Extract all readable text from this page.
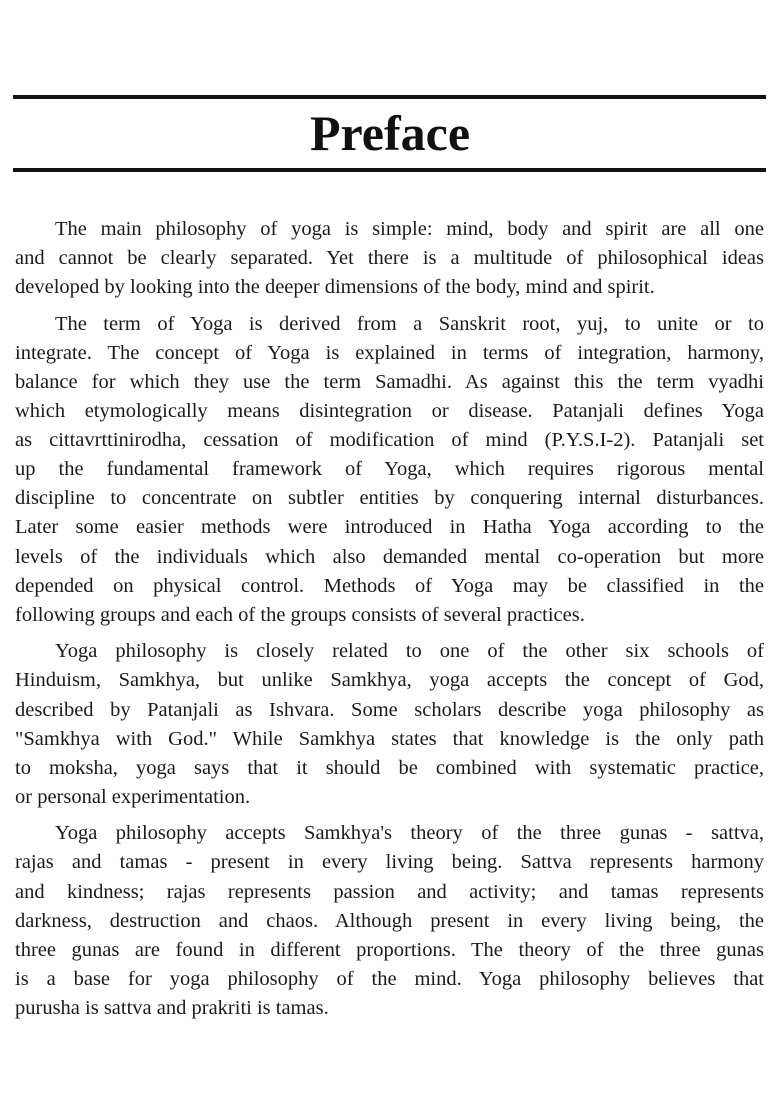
Preface
The main philosophy of yoga is simple: mind, body and spirit are all one
and cannot be clearly separated. Yet there is a multitude of philosophical ideas
developed by looking into the deeper dimensions of the body, mind and spirit.
The term of Yoga is derived from a Sanskrit root, yuj, to unite or to
integrate. The concept of Yoga is explained in terms of integration, harmony,
balance for which they use the term Samadhi. As against this the term vyadhi
which etymologically means disintegration or disease. Patanjali defines Yoga
as cittavrttinirodha, cessation of modification of mind (P.Y.S.I-2). Patanjali set
up the fundamental framework of Yoga, which requires rigorous mental
discipline to concentrate on subtler entities by conquering internal disturbances.
Later some easier methods were introduced in Hatha Yoga according to the
levels of the individuals which also demanded mental co-operation but more
depended on physical control. Methods of Yoga may be classified in the
following groups and each of the groups consists of several practices.
Yoga philosophy is closely related to one of the other six schools of
Hinduism, Samkhya, but unlike Samkhya, yoga accepts the concept of God,
described by Patanjali as Ishvara. Some scholars describe yoga philosophy as
"Samkhya with God." While Samkhya states that knowledge is the only path
to moksha, yoga says that it should be combined with systematic practice,
or personal experimentation.
Yoga philosophy accepts Samkhya's theory of the three gunas - sattva,
rajas and tamas - present in every living being. Sattva represents harmony
and kindness; rajas represents passion and activity; and tamas represents
darkness, destruction and chaos. Although present in every living being, the
three gunas are found in different proportions. The theory of the three gunas
is a base for yoga philosophy of the mind. Yoga philosophy believes that
purusha is sattva and prakriti is tamas.
